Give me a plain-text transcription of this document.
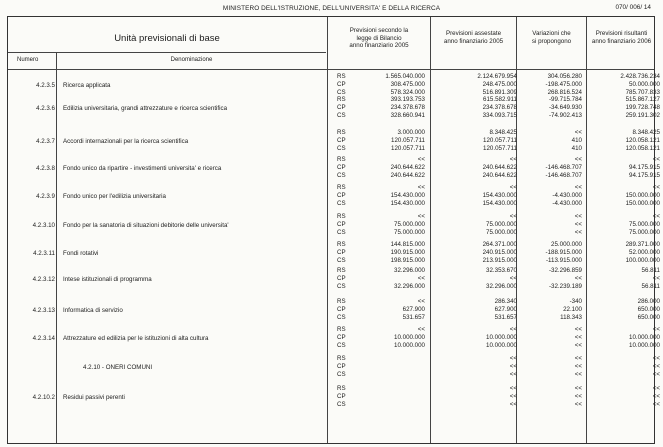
MINISTERO DELL'ISTRUZIONE, DELL'UNIVERSITA' E DELLA RICERCA	070/ 006/ 14
Unità previsionali di base
Numero	Denominazione
Previsioni secondo la
legge di Bilancio
anno finanziario 2005
Previsioni assestate
anno finanziario 2005
Variazioni che
si propongono
Previsioni risultanti
anno finanziario 2006
4.2.3.5 Ricerca applicata
RS
CP
CS
1.565.040.000
308.475.000
578.324.000
2.124.679.954
248.475.000
516.891.309
304.056.280
-198.475.000
268.816.524
2.428.736.234
50.000.000
785.707.833
4.2.3.6 Edilizia universitaria, grandi attrezzature e ricerca scientifica
RS
CP
CS
393.193.753
234.378.678
328.660.941
615.582.911
234.378.678
334.093.715
-99.715.784
-34.649.930
-74.902.413
515.867.127
199.728.748
259.191.302
4.2.3.7 Accordi internazionali per la ricerca scientifica
RS
CP
CS
3.000.000
120.057.711
120.057.711
8.348.425
120.057.711
120.057.711
<<
410
410
8.348.425
120.058.121
120.058.121
4.2.3.8 Fondo unico da ripartire - investimenti universita' e ricerca
RS
CP
CS
<<
240.644.622
240.644.622
<<
240.644.622
240.644.622
<<
-146.468.707
-146.468.707
<<
94.175.915
94.175.915
4.2.3.9 Fondo unico per l'edilizia universitaria
RS
CP
CS
<<
154.430.000
154.430.000
<<
154.430.000
154.430.000
<<
-4.430.000
-4.430.000
<<
150.000.000
150.000.000
4.2.3.10 Fondo per la sanatoria di situazioni debitorie delle universita'
RS
CP
CS
<<
75.000.000
75.000.000
<<
75.000.000
75.000.000
<<
<<
<<
<<
75.000.000
75.000.000
4.2.3.11 Fondi rotativi
RS
CP
CS
144.815.000
190.915.000
198.915.000
264.371.000
240.915.000
213.915.000
25.000.000
-188.915.000
-113.915.000
289.371.000
52.000.000
100.000.000
4.2.3.12 Intese istituzionali di programma
RS
CP
CS
32.296.000
<<
32.296.000
32.353.670
<<
32.296.000
-32.296.859
<<
-32.239.189
56.811
<<
56.811
4.2.3.13 Informatica di servizio
RS
CP
CS
<<
627.900
531.657
286.340
627.900
531.657
-340
22.100
118.343
286.000
650.000
650.000
4.2.3.14 Attrezzature ed edilizia per le istituzioni di alta cultura
RS
CP
CS
<<
10.000.000
10.000.000
<<
10.000.000
10.000.000
<<
<<
<<
<<
10.000.000
10.000.000
4.2.10 - ONERI COMUNI
RS
CP
CS
<<
<<
<<
<<
<<
<<
<<
<<
<<
4.2.10.2 Residui passivi perenti
RS
CP
CS
<<
<<
<<
<<
<<
<<
<<
<<
<<
